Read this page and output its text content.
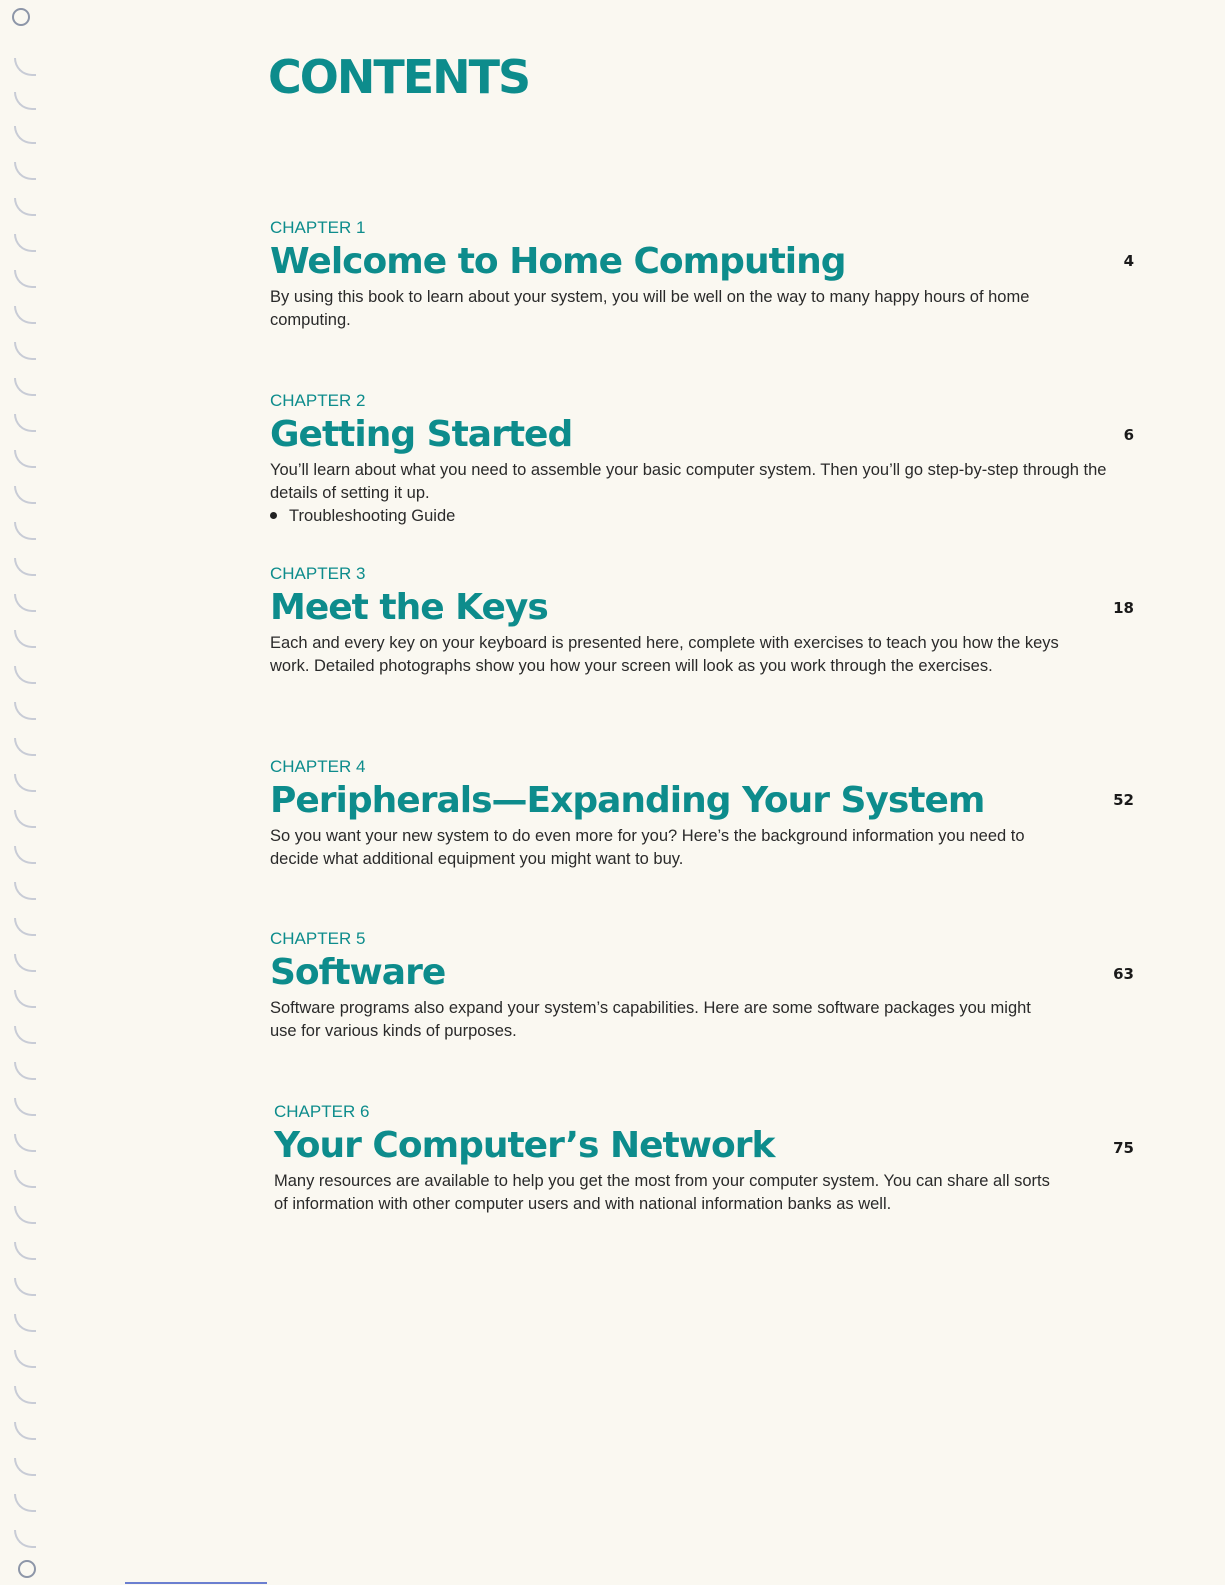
CONTENTS

CHAPTER 1

Welcome to Home Computing

By using this book to learn about your system, you will be well on the way to many happy hours of home computing.

4

CHAPTER 2

Getting Started

You’ll learn about what you need to assemble your basic computer system. Then you’ll go step-by-step through the details of setting it up.

Troubleshooting Guide

6

CHAPTER 3

Meet the Keys

Each and every key on your keyboard is presented here, complete with exercises to teach you how the keys work. Detailed photographs show you how your screen will look as you work through the exercises.

18

CHAPTER 4

Peripherals—Expanding Your System

So you want your new system to do even more for you? Here’s the background information you need to decide what additional equipment you might want to buy.

52

CHAPTER 5

Software

Software programs also expand your system’s capabilities. Here are some software packages you might use for various kinds of purposes.

63

CHAPTER 6

Your Computer’s Network

Many resources are available to help you get the most from your computer system. You can share all sorts of information with other computer users and with national information banks as well.

75
